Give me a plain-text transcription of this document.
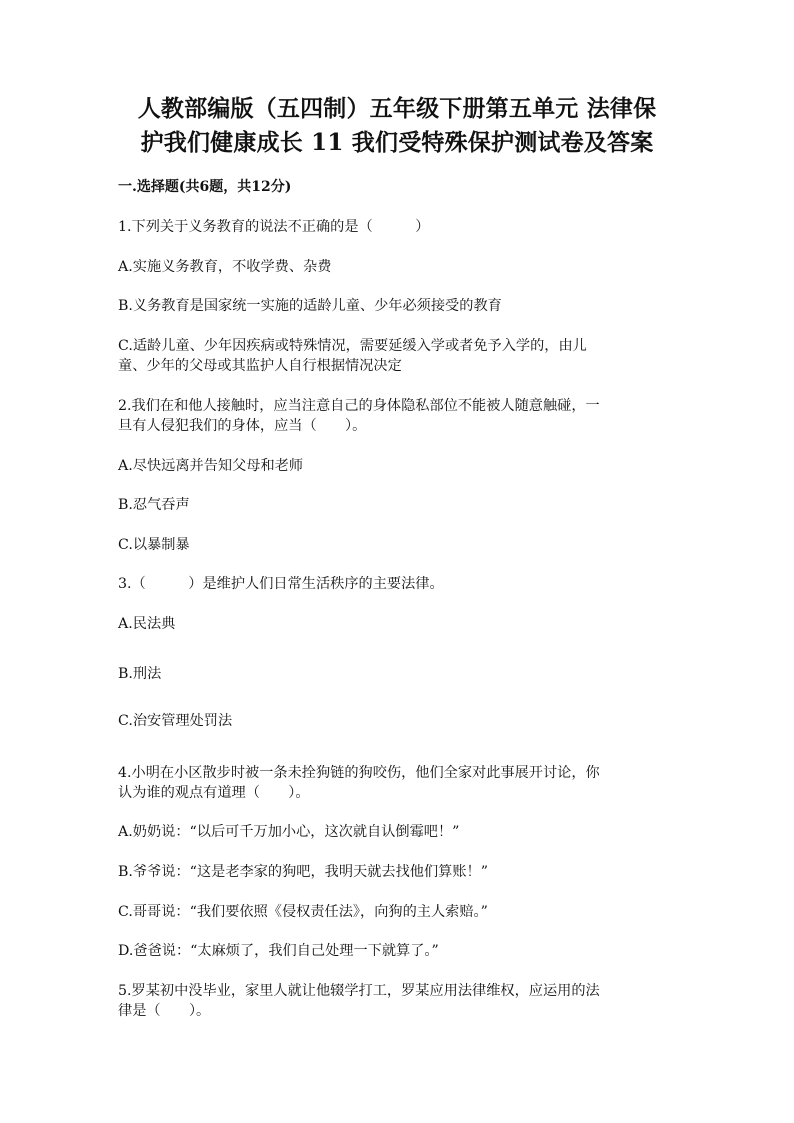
人教部编版（五四制）五年级下册第五单元 法律保
护我们健康成长 11 我们受特殊保护测试卷及答案
一.选择题(共6题，共12分)
1.下列关于义务教育的说法不正确的是（　　　）
A.实施义务教育，不收学费、杂费
B.义务教育是国家统一实施的适龄儿童、少年必须接受的教育
C.适龄儿童、少年因疾病或特殊情况，需要延缓入学或者免予入学的，由儿
童、少年的父母或其监护人自行根据情况决定
2.我们在和他人接触时，应当注意自己的身体隐私部位不能被人随意触碰，一
旦有人侵犯我们的身体，应当（　　）。
A.尽快远离并告知父母和老师
B.忍气吞声
C.以暴制暴
3.（　　　）是维护人们日常生活秩序的主要法律。
A.民法典
B.刑法
C.治安管理处罚法
4.小明在小区散步时被一条未拴狗链的狗咬伤，他们全家对此事展开讨论，你
认为谁的观点有道理（　　）。
A.奶奶说：“以后可千万加小心，这次就自认倒霉吧！”
B.爷爷说：“这是老李家的狗吧，我明天就去找他们算账！”
C.哥哥说：“我们要依照《侵权责任法》，向狗的主人索赔。”
D.爸爸说：“太麻烦了，我们自己处理一下就算了。”
5.罗某初中没毕业，家里人就让他辍学打工，罗某应用法律维权，应运用的法
律是（　　）。
